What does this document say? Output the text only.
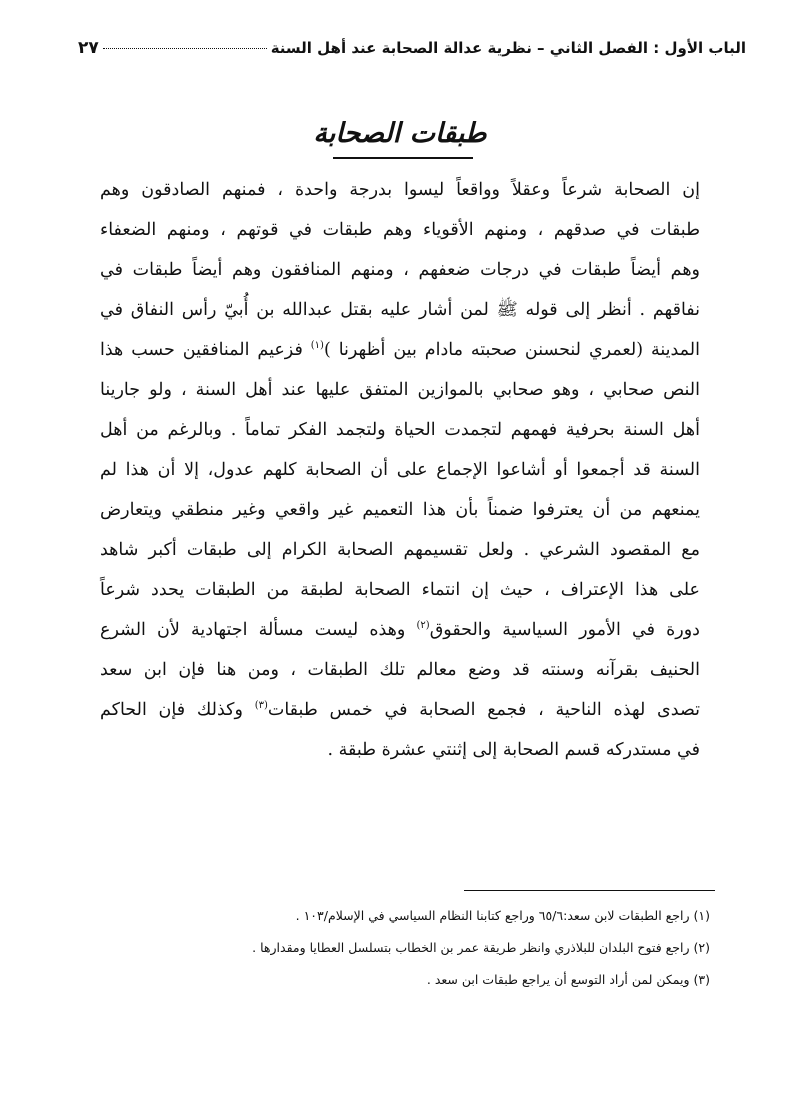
الباب الأول : الفصل الثاني – نظرية عدالة الصحابة عند أهل السنة
٢٧
طبقات الصحابة
إن الصحابة شرعاً وعقلاً وواقعاً ليسوا بدرجة واحدة ، فمنهم الصادقون وهم
طبقات في صدقهم ، ومنهم الأقوياء وهم طبقات في قوتهم ، ومنهم الضعفاء
وهم أيضاً طبقات في درجات ضعفهم ، ومنهم المنافقون وهم أيضاً طبقات في
نفاقهم . أنظر إلى قوله ﷺ لمن أشار عليه بقتل عبدالله بن أُبيّ رأس النفاق في
المدينة (لعمري لنحسنن صحبته مادام بين أظهرنا )$^{(١)}$ فزعيم المنافقين حسب هذا
النص صحابي ، وهو صحابي بالموازين المتفق عليها عند أهل السنة ، ولو جارينا
أهل السنة بحرفية فهمهم لتجمدت الحياة ولتجمد الفكر تماماً . وبالرغم من أهل
السنة قد أجمعوا أو أشاعوا الإجماع على أن الصحابة كلهم عدول، إلا أن هذا لم
يمنعهم من أن يعترفوا ضمناً بأن هذا التعميم غير واقعي وغير منطقي ويتعارض
مع المقصود الشرعي . ولعل تقسيمهم الصحابة الكرام إلى طبقات أكبر شاهد
على هذا الإعتراف ، حيث إن انتماء الصحابة لطبقة من الطبقات يحدد شرعاً
دورة في الأمور السياسية والحقوق$^{(٢)}$ وهذه ليست مسألة اجتهادية لأن الشرع
الحنيف بقرآنه وسنته قد وضع معالم تلك الطبقات ، ومن هنا فإن ابن سعد
تصدى لهذه الناحية ، فجمع الصحابة في خمس طبقات$^{(٣)}$ وكذلك فإن الحاكم
في مستدركه قسم الصحابة إلى إثنتي عشرة طبقة .
(١) راجع الطبقات لابن سعد:٦٥/٦ وراجع كتابنا النظام السياسي في الإسلام/١٠٣ .
(٢) راجع فتوح البلدان للبلاذري وانظر طريقة عمر بن الخطاب بتسلسل العطايا ومقدارها .
(٣) ويمكن لمن أراد التوسع أن يراجع طبقات ابن سعد .
